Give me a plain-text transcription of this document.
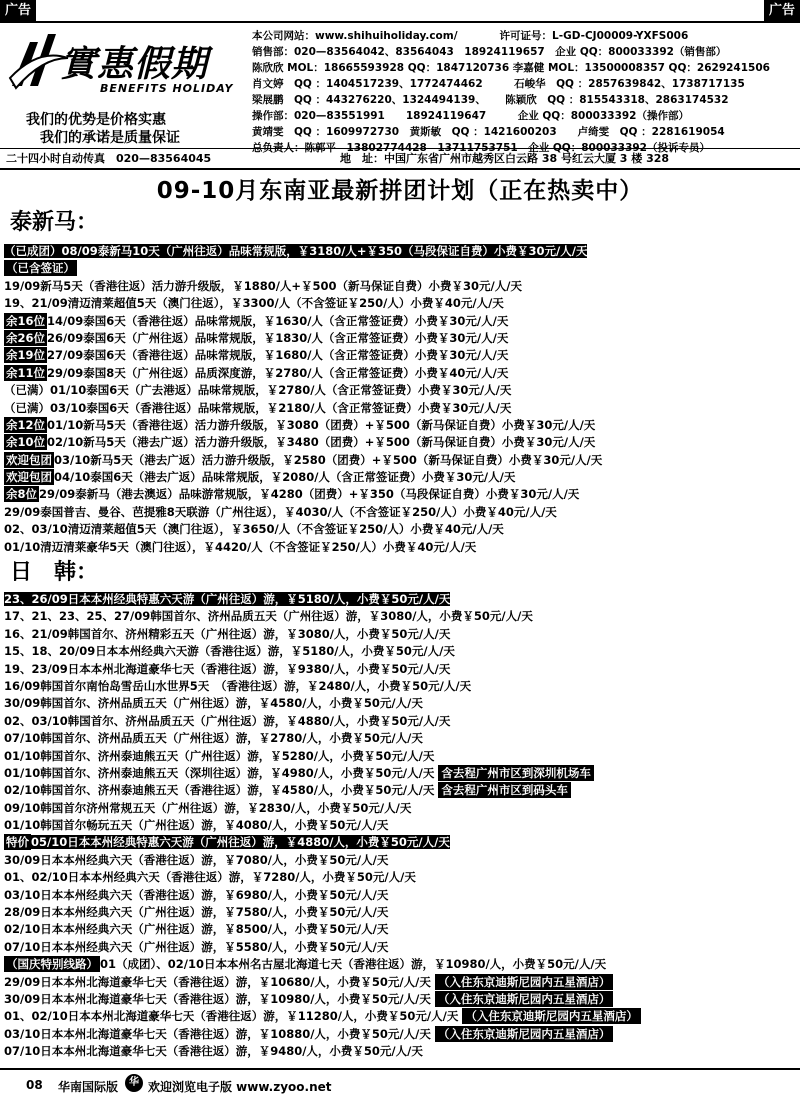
广告	广告
實惠假期
BENEFITS HOLIDAY
我们的优势是价格实惠
我们的承诺是质量保证
本公司网站：www.shihuiholiday.com/　　　　许可证号：L-GD-CJ00009-YXFS006
销售部：020—83564042、83564043　18924119657　企业 QQ：800033392（销售部）
陈欣欣 MOL：18665593928 QQ：1847120736 李嘉健 MOL：13500008357 QQ：2629241506
肖文婷　QQ ：1404517239、1772474462　　　石峻华　QQ ：2857639842、1738717135
梁展鹏　QQ ：443276220、1324494139、　　 陈颖欣　QQ ：815543318、2863174532
操作部：020—83551991　　18924119647　　　企业 QQ：800033392（操作部）
黄靖雯　QQ ：1609972730　黄斯敏　QQ ：1421600203　　卢绮雯　QQ ：2281619054
总负责人：陈郭平　13802774428　13711753751　企业 QQ：800033392（投诉专员）
二十四小时自动传真　020—83564045	地　址：中国广东省广州市越秀区白云路 38 号红云大厦 3 楼 328
09-10月东南亚最新拼团计划（正在热卖中）
泰新马：
（已成团）08/09泰新马10天（广州往返）品味常规版，￥3180/人+￥350（马段保证自费）小费￥30元/人/天
（已含签证）
19/09新马5天（香港往返）活力游升级版，￥1880/人+￥500（新马保证自费）小费￥30元/人/天
19、21/09清迈清莱超值5天（澳门往返），￥3300/人（不含签证￥250/人）小费￥40元/人/天
余16位 14/09泰国6天（香港往返）品味常规版，￥1630/人（含正常签证费）小费￥30元/人/天
余26位 26/09泰国6天（广州往返）品味常规版，￥1830/人（含正常签证费）小费￥30元/人/天
余19位 27/09泰国6天（香港往返）品味常规版，￥1680/人（含正常签证费）小费￥30元/人/天
余11位 29/09泰国8天（广州往返）品质深度游，￥2780/人（含正常签证费）小费￥40元/人/天
（已满）01/10泰国6天（广去港返）品味常规版，￥2780/人（含正常签证费）小费￥30元/人/天
（已满）03/10泰国6天（香港往返）品味常规版，￥2180/人（含正常签证费）小费￥30元/人/天
余12位 01/10新马5天（香港往返）活力游升级版，￥3080（团费）+￥500（新马保证自费）小费￥30元/人/天
余10位 02/10新马5天（港去广返）活力游升级版，￥3480（团费）+￥500（新马保证自费）小费￥30元/人/天
欢迎包团 03/10新马5天（港去广返）活力游升级版，￥2580（团费）+￥500（新马保证自费）小费￥30元/人/天
欢迎包团 04/10泰国6天（港去广返）品味常规版，￥2080/人（含正常签证费）小费￥30元/人/天
余8位 29/09泰新马（港去澳返）品味游常规版，￥4280（团费）+￥350（马段保证自费）小费￥30元/人/天
29/09泰国普吉、曼谷、芭提雅8天联游（广州往返），￥4030/人（不含签证￥250/人）小费￥40元/人/天
02、03/10清迈清莱超值5天（澳门往返），￥3650/人（不含签证￥250/人）小费￥40元/人/天
01/10清迈清莱豪华5天（澳门往返），￥4420/人（不含签证￥250/人）小费￥40元/人/天
日　韩：
23、26/09日本本州经典特惠六天游（广州往返）游，￥5180/人，小费￥50元/人/天
17、21、23、25、27/09韩国首尔、济州品质五天（广州往返）游，￥3080/人，小费￥50元/人/天
16、21/09韩国首尔、济州精彩五天（广州往返）游，￥3080/人，小费￥50元/人/天
15、18、20/09日本本州经典六天游（香港往返）游，￥5180/人，小费￥50元/人/天
19、23/09日本本州北海道豪华七天（香港往返）游，￥9380/人，小费￥50元/人/天
16/09韩国首尔南怡岛雪岳山水世界5天　（香港往返）游，￥2480/人，小费￥50元/人/天
30/09韩国首尔、济州品质五天（广州往返）游，￥4580/人，小费￥50元/人/天
02、03/10韩国首尔、济州品质五天（广州往返）游，￥4880/人，小费￥50元/人/天
07/10韩国首尔、济州品质五天（广州往返）游，￥2780/人，小费￥50元/人/天
01/10韩国首尔、济州泰迪熊五天（广州往返）游，￥5280/人，小费￥50元/人/天
01/10韩国首尔、济州泰迪熊五天（深圳往返）游，￥4980/人，小费￥50元/人/天 含去程广州市区到深圳机场车
02/10韩国首尔、济州泰迪熊五天（香港往返）游，￥4580/人，小费￥50元/人/天 含去程广州市区到码头车
09/10韩国首尔济州常规五天（广州往返）游，￥2830/人，小费￥50元/人/天
01/10韩国首尔畅玩五天（广州往返）游，￥4080/人，小费￥50元/人/天
特价 05/10日本本州经典特惠六天游（广州往返）游，￥4880/人，小费￥50元/人/天
30/09日本本州经典六天（香港往返）游，￥7080/人，小费￥50元/人/天
01、02/10日本本州经典六天（香港往返）游，￥7280/人，小费￥50元/人/天
03/10日本本州经典六天（香港往返）游，￥6980/人，小费￥50元/人/天
28/09日本本州经典六天（广州往返）游，￥7580/人，小费￥50元/人/天
02/10日本本州经典六天（广州往返）游，￥8500/人，小费￥50元/人/天
07/10日本本州经典六天（广州往返）游，￥5580/人，小费￥50元/人/天
（国庆特别线路） 01（成团）、02/10日本本州名古屋北海道七天（香港往返）游，￥10980/人，小费￥50元/人/天
29/09日本本州北海道豪华七天（香港往返）游，￥10680/人，小费￥50元/人/天 （入住东京迪斯尼园内五星酒店）
30/09日本本州北海道豪华七天（香港往返）游，￥10980/人，小费￥50元/人/天 （入住东京迪斯尼园内五星酒店）
01、02/10日本本州北海道豪华七天（香港往返）游，￥11280/人，小费￥50元/人/天 （入住东京迪斯尼园内五星酒店）
03/10日本本州北海道豪华七天（香港往返）游，￥10880/人，小费￥50元/人/天 （入住东京迪斯尼园内五星酒店）
07/10日本本州北海道豪华七天（香港往返）游，￥9480/人，小费￥50元/人/天
08 华南国际版	华 欢迎浏览电子版 www.zyoo.net
